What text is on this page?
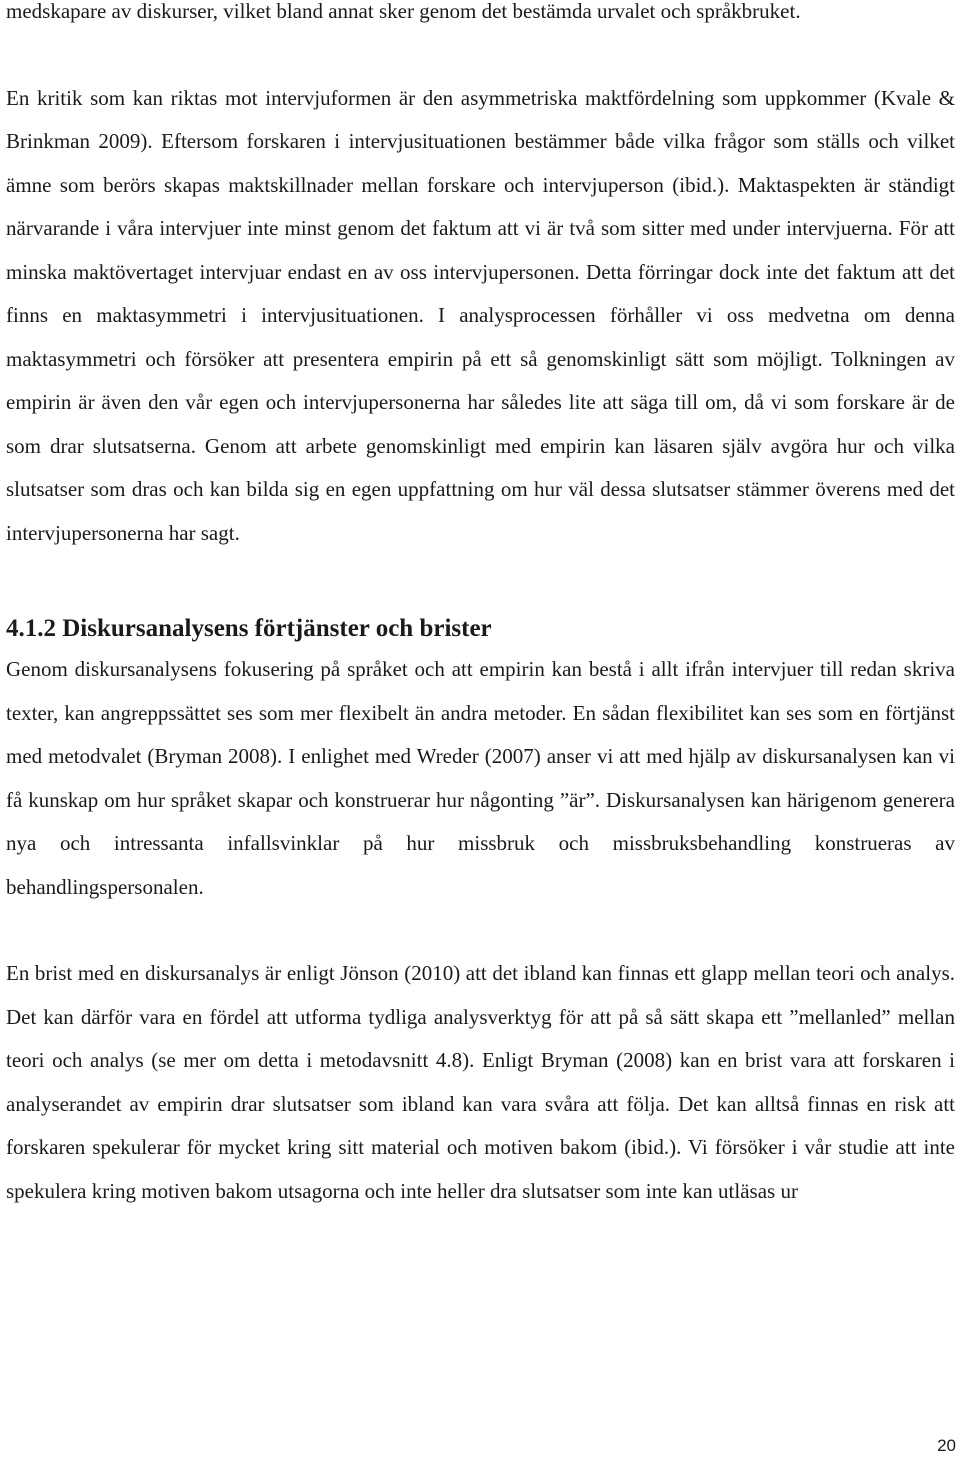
medskapare av diskurser, vilket bland annat sker genom det bestämda urvalet och språkbruket.

En kritik som kan riktas mot intervjuformen är den asymmetriska maktfördelning som uppkommer (Kvale & Brinkman 2009). Eftersom forskaren i intervjusituationen bestämmer både vilka frågor som ställs och vilket ämne som berörs skapas maktskillnader mellan forskare och intervjuperson (ibid.). Maktaspekten är ständigt närvarande i våra intervjuer inte minst genom det faktum att vi är två som sitter med under intervjuerna. För att minska maktövertaget intervjuar endast en av oss intervjupersonen. Detta förringar dock inte det faktum att det finns en maktasymmetri i intervjusituationen. I analysprocessen förhåller vi oss medvetna om denna maktasymmetri och försöker att presentera empirin på ett så genomskinligt sätt som möjligt. Tolkningen av empirin är även den vår egen och intervjupersonerna har således lite att säga till om, då vi som forskare är de som drar slutsatserna. Genom att arbete genomskinligt med empirin kan läsaren själv avgöra hur och vilka slutsatser som dras och kan bilda sig en egen uppfattning om hur väl dessa slutsatser stämmer överens med det intervjupersonerna har sagt.

4.1.2 Diskursanalysens förtjänster och brister

Genom diskursanalysens fokusering på språket och att empirin kan bestå i allt ifrån intervjuer till redan skriva texter, kan angreppssättet ses som mer flexibelt än andra metoder. En sådan flexibilitet kan ses som en förtjänst med metodvalet (Bryman 2008). I enlighet med Wreder (2007) anser vi att med hjälp av diskursanalysen kan vi få kunskap om hur språket skapar och konstruerar hur någonting ”är”. Diskursanalysen kan härigenom generera nya och intressanta infallsvinklar på hur missbruk och missbruksbehandling konstrueras av behandlingspersonalen.

En brist med en diskursanalys är enligt Jönson (2010) att det ibland kan finnas ett glapp mellan teori och analys. Det kan därför vara en fördel att utforma tydliga analysverktyg för att på så sätt skapa ett ”mellanled” mellan teori och analys (se mer om detta i metodavsnitt 4.8). Enligt Bryman (2008) kan en brist vara att forskaren i analyserandet av empirin drar slutsatser som ibland kan vara svåra att följa. Det kan alltså finnas en risk att forskaren spekulerar för mycket kring sitt material och motiven bakom (ibid.). Vi försöker i vår studie att inte spekulera kring motiven bakom utsagorna och inte heller dra slutsatser som inte kan utläsas ur

20
